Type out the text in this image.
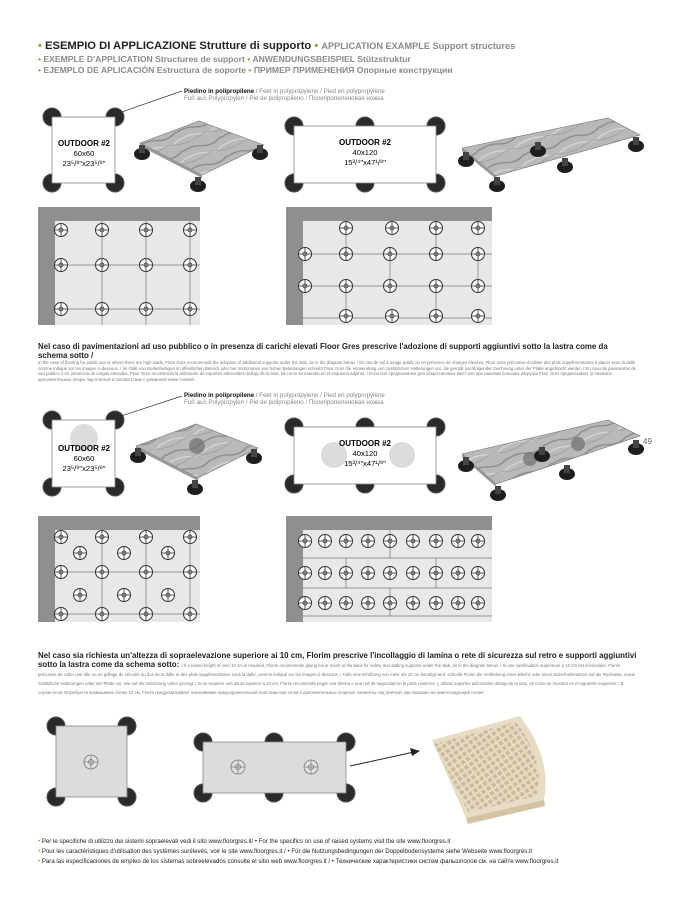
• ESEMPIO DI APPLICAZIONE Strutture di supporto • APPLICATION EXAMPLE Support structures
• EXEMPLE D'APPLICATION Structures de support • ANWENDUNGSBEISPIEL Stützstruktur
• EJEMPLO DE APLICACIÓN Estructura de soporte • ПРИМЕР ПРИМЕНЕНИЯ Опорные конструкции
Piedino in polipropilene / Feet in polypropylene / Pied en polypropylène
Fuß aus Polypropylen / Pie de polipropileno / Полипропиленовая ножка
Piedino in polipropilene / Feet in polypropylene / Pied en polypropylène
Fuß aus Polypropylen / Pie de polipropileno / Полипропиленовая ножка
OUTDOOR #2
60x60
23⁵/⁸"x23⁵/⁸"
OUTDOOR #2
40x120
15³/⁴"x47¹/⁸"
OUTDOOR #2
60x60
23⁵/⁸"x23⁵/⁸"
OUTDOOR #2
40x120
15³/⁴"x47¹/⁸"
Nel caso di pavimentazioni ad uso pubblico o in presenza di carichi elevati Floor Gres prescrive l'adozione di supporti aggiuntivi sotto la lastra come da schema sotto /
In the case of flooring for public use or where there are high loads, Floor Gres recommends the adoption of additional supports under the slab, as in the diagram below. / En cas de sol à usage public ou en présence de charges élevées, Floor Gres préconise d'utiliser des plots supplémentaires à placer sous la dalle comme indiqué sur les images ci-dessous. / Im Falle von Bodenbelägen im öffentlichen Bereich oder bei Vorkommen von hohen Belastungen schreibt Floor Gres die Verwendung von zusätzlichen Halterungen vor, die gemäß nachfolgender Zeichnung unter der Platte angebracht werden / En caso de pavimentos de uso público o en presencia de cargas elevadas, Floor Gres recomienda la utilización de soportes adicionales debajo de la losa, tal como se muestra en el esquema adjunto. / Если пол предназначен для общественных мест или при наличии больших нагрузок Floor Gres предписывает установить дополнительные опоры под плиткой в соответствии с указанной ниже схемой.
49
Nel caso sia richiesta un'altezza di sopraelevazione superiore ai 10 cm, Florim prescrive l'incollaggio di lamina o rete di sicurezza sul retro e supporti aggiuntivi sotto la lastra come da schema sotto: / If a raised height of over 10 cm is required, Florim recommends gluing foil or mesh to the back for safety and adding supports under the slab, as in the diagram below. / Si une surélévation supérieure à 10 cm est nécessaire, Florim préconise de coller une tôle ou un grillage de sécurité au dos de la dalle et des plots supplémentaires sous la dalle, comme indiqué sur les images ci-dessous: / Falls eine Erhöhung von mehr als 10 cm benötigt wird, schreibt Florim die Verklebung eines Blechs oder eines Sicherheitsnetzes auf der Rückseite, sowie zusätzliche Halterungen unter der Platte vor, wie auf der Zeichnung unten gezeigt: / Si se requiere una altura superior a 10 cm, Florim recomienda pegar una lámina o una red de seguridad en la parte posterior, y utilizar soportes adicionales debajo de la losa, tal como se muestra en el siguiente esquema: / В случае если потребуется возвышение более 10 см, Florim предусматривает наклеивание предохранительной пластины или сетки и дополнительные опорные элементы под плиткой, как показано на нижеследующей схеме:
• Per le specifiche di utilizzo dei sistemi sopraelevati vedi il sito www.floorgres.it/ • For the specifics on use of raised systems visit the site www.floorgres.it
• Pour les caractéristiques d'utilisation des systèmes surélevés, voir le site www.floorgres.it / • Für die Nutzungsbedingungen der Doppelbodensysteme siehe Webseite www.floorgres.it
• Para las especificaciones de empleo de los sistemas sobreelevados consulte el sitio web www.floorgres.it / • Технические характеристики систем фальшполов см. на сайте www.floorgres.it
